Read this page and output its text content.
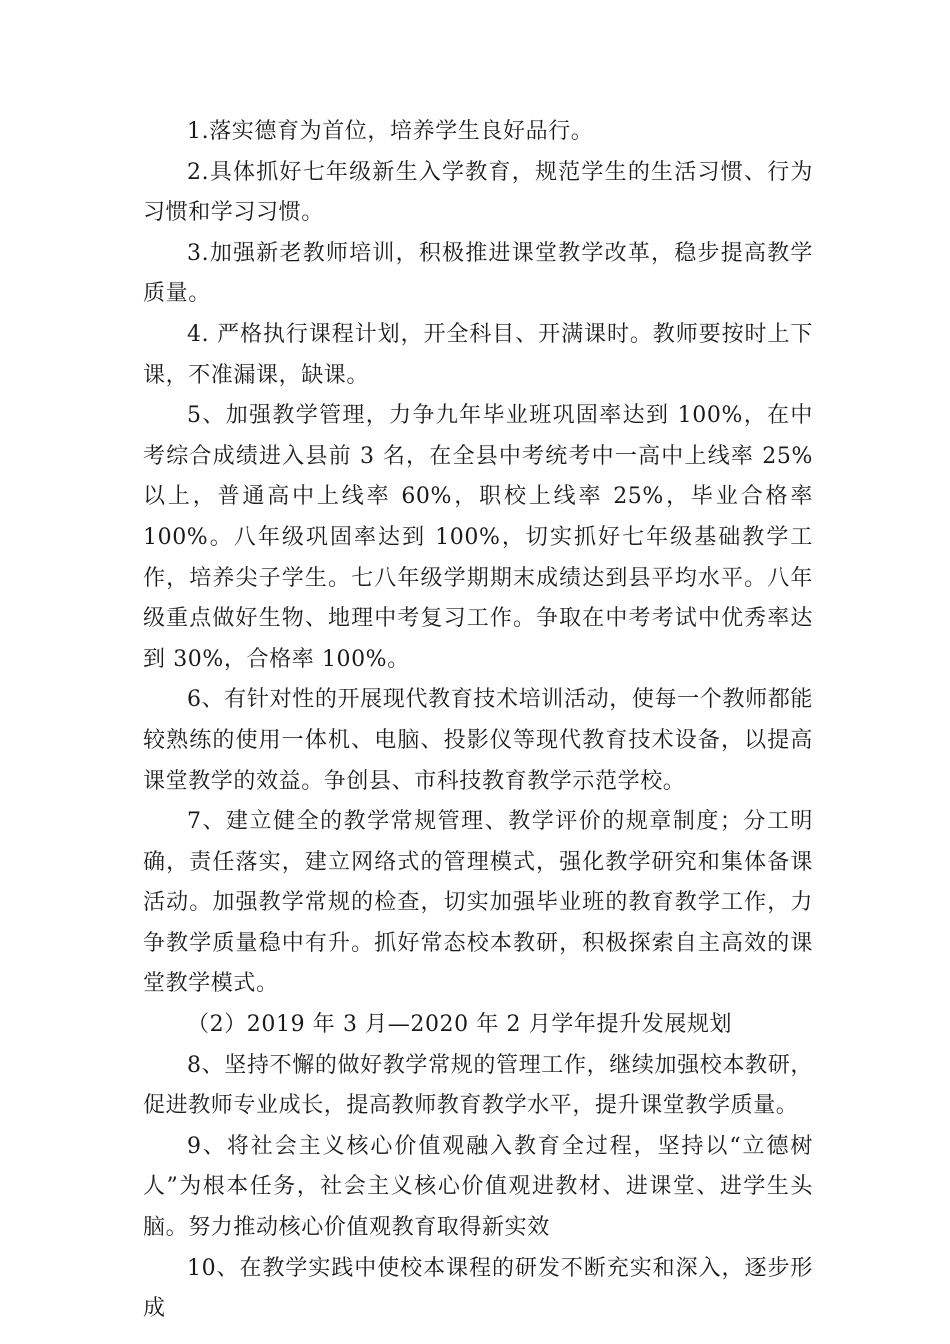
1.落实德育为首位，培养学生良好品行。

2.具体抓好七年级新生入学教育，规范学生的生活习惯、行为习惯和学习习惯。

3.加强新老教师培训，积极推进课堂教学改革，稳步提高教学质量。

4. 严格执行课程计划，开全科目、开满课时。教师要按时上下课，不准漏课，缺课。

5、加强教学管理，力争九年毕业班巩固率达到 100%，在中考综合成绩进入县前 3 名，在全县中考统考中一高中上线率 25%以上，普通高中上线率 60%，职校上线率 25%，毕业合格率 100%。八年级巩固率达到 100%，切实抓好七年级基础教学工作，培养尖子学生。七八年级学期期末成绩达到县平均水平。八年级重点做好生物、地理中考复习工作。争取在中考考试中优秀率达到 30%，合格率 100%。

6、有针对性的开展现代教育技术培训活动，使每一个教师都能较熟练的使用一体机、电脑、投影仪等现代教育技术设备，以提高课堂教学的效益。争创县、市科技教育教学示范学校。

7、建立健全的教学常规管理、教学评价的规章制度；分工明确，责任落实，建立网络式的管理模式，强化教学研究和集体备课活动。加强教学常规的检查，切实加强毕业班的教育教学工作，力争教学质量稳中有升。抓好常态校本教研，积极探索自主高效的课堂教学模式。

（2）2019 年 3 月—2020 年 2 月学年提升发展规划

8、坚持不懈的做好教学常规的管理工作，继续加强校本教研，促进教师专业成长，提高教师教育教学水平，提升课堂教学质量。

9、将社会主义核心价值观融入教育全过程，坚持以“立德树人”为根本任务，社会主义核心价值观进教材、进课堂、进学生头脑。努力推动核心价值观教育取得新实效

10、在教学实践中使校本课程的研发不断充实和深入，逐步形成
